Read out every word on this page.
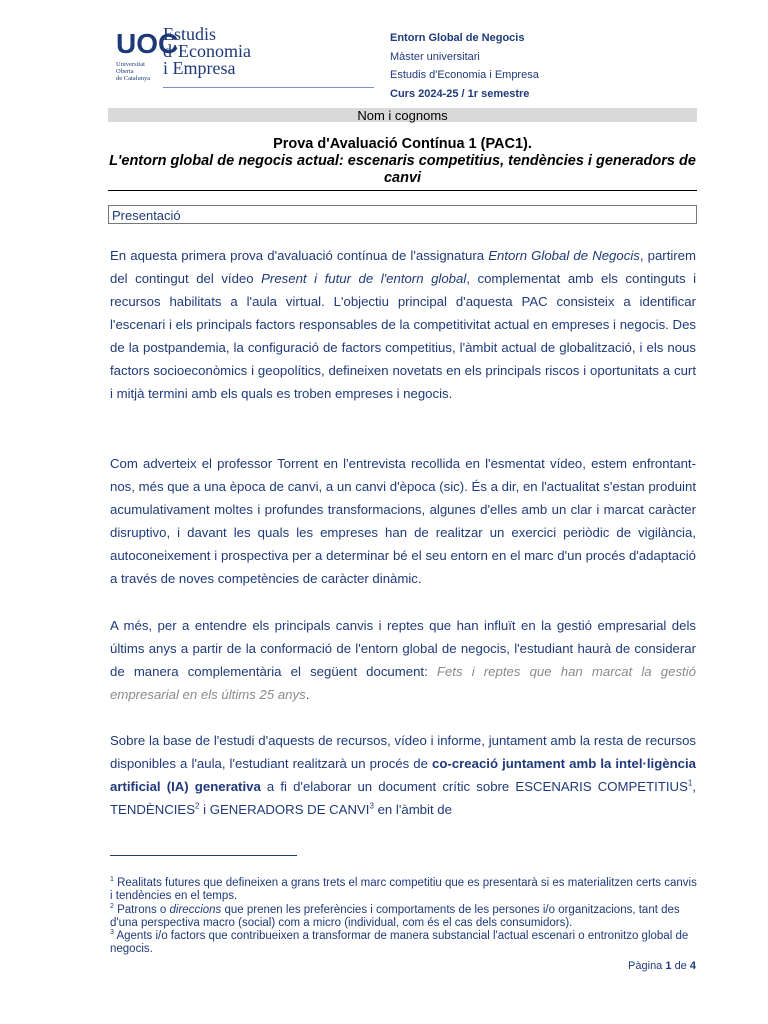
UOC
Universitat
Oberta
de Catalunya
Estudis
d’Economia
i Empresa
Entorn Global de Negocis
Màster universitari
Estudis d'Economia i Empresa
Curs 2024-25 / 1r semestre
Nom i cognoms
Prova d'Avaluació Contínua 1 (PAC1).
L'entorn global de negocis actual: escenaris competitius, tendències i generadors de canvi
Presentació

En aquesta primera prova d'avaluació contínua de l'assignatura Entorn Global de Negocis, partirem del contingut del vídeo Present i futur de l'entorn global, complementat amb els continguts i recursos habilitats a l'aula virtual. L'objectiu principal d'aquesta PAC consisteix a identificar l'escenari i els principals factors responsables de la competitivitat actual en empreses i negocis. Des de la postpandemia, la configuració de factors competitius, l'àmbit actual de globalització, i els nous factors socioeconòmics i geopolítics, defineixen novetats en els principals riscos i oportunitats a curt i mitjà termini amb els quals es troben empreses i negocis.

Com adverteix el professor Torrent en l'entrevista recollida en l'esmentat vídeo, estem enfrontant-nos, més que a una època de canvi, a un canvi d'època (sic). És a dir, en l'actualitat s'estan produint acumulativament moltes i profundes transformacions, algunes d'elles amb un clar i marcat caràcter disruptivo, i davant les quals les empreses han de realitzar un exercici periòdic de vigilància, autoconeixement i prospectiva per a determinar bé el seu entorn en el marc d'un procés d'adaptació a través de noves competències de caràcter dinàmic.

A més, per a entendre els principals canvis i reptes que han influït en la gestió empresarial dels últims anys a partir de la conformació de l'entorn global de negocis, l'estudiant haurà de considerar de manera complementària el següent document: Fets i reptes que han marcat la gestió empresarial en els últims 25 anys.

Sobre la base de l'estudi d'aquests de recursos, vídeo i informe, juntament amb la resta de recursos disponibles a l'aula, l'estudiant realitzarà un procés de co-creació juntament amb la intel·ligència artificial (IA) generativa a fi d'elaborar un document crític sobre ESCENARIS COMPETITIUS$^1$, TENDÈNCIES$^2$ i GENERADORS DE CANVI$^3$ en l'àmbit de

$^1$ Realitats futures que defineixen a grans trets el marc competitiu que es presentarà si es materialitzen certs canvis i tendències en el temps.

$^2$ Patrons o direccions que prenen les preferències i comportaments de les persones i/o organitzacions, tant des d'una perspectiva macro (social) com a micro (individual, com és el cas dels consumidors).

$^3$ Agents i/o factors que contribueixen a transformar de manera substancial l'actual escenari o entronitzo global de negocis.

Pàgina 1 de 4
